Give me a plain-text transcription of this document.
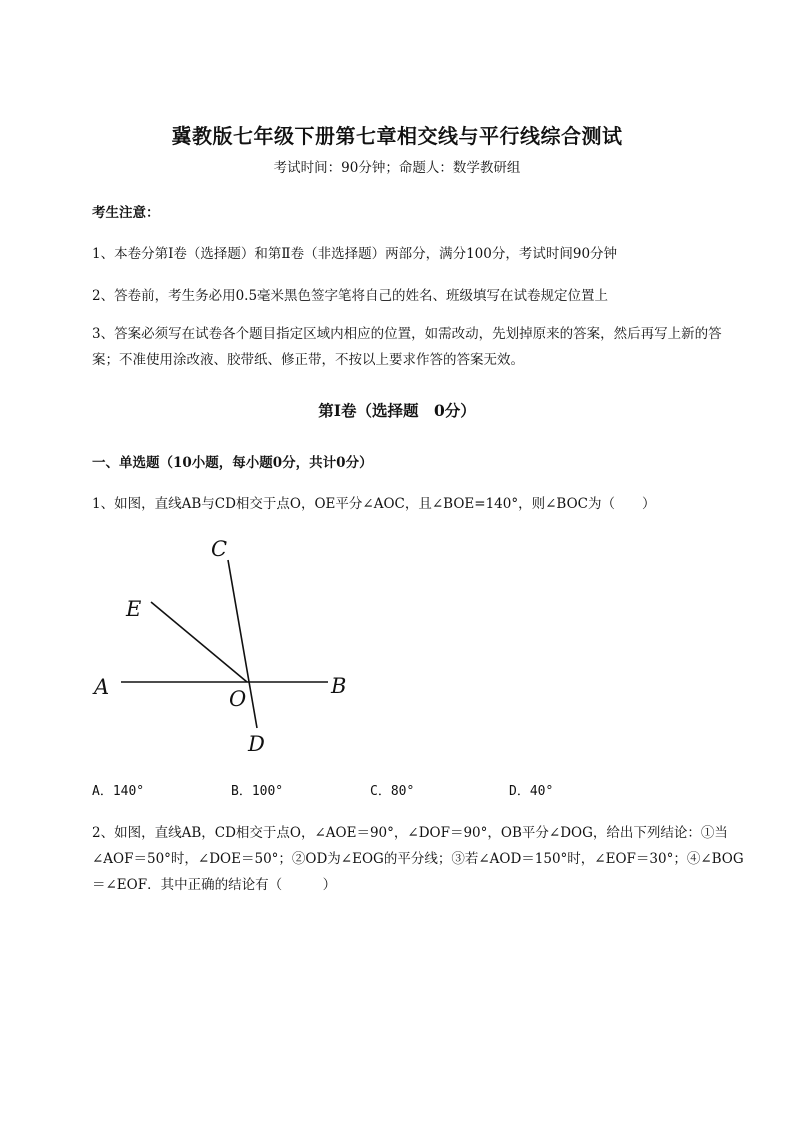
冀教版七年级下册第七章相交线与平行线综合测试
考试时间：90分钟；命题人：数学教研组
考生注意：
1、本卷分第Ⅰ卷（选择题）和第Ⅱ卷（非选择题）两部分，满分100分，考试时间90分钟
2、答卷前，考生务必用0.5毫米黑色签字笔将自己的姓名、班级填写在试卷规定位置上
3、答案必须写在试卷各个题目指定区域内相应的位置，如需改动，先划掉原来的答案，然后再写上新的答案；不准使用涂改液、胶带纸、修正带，不按以上要求作答的答案无效。
第Ⅰ卷（选择题　0分）
一、单选题（10小题，每小题0分，共计0分）
1、如图，直线AB与CD相交于点O，OE平分∠AOC，且∠BOE=140°，则∠BOC为（　　）
C
E
A	B
O
D
A．140°	B．100°	C．80°	D．40°
2、如图，直线AB，CD相交于点O，∠AOE＝90°，∠DOF＝90°，OB平分∠DOG，给出下列结论：①当∠AOF＝50°时，∠DOE＝50°；②OD为∠EOG的平分线；③若∠AOD＝150°时，∠EOF＝30°；④∠BOG＝∠EOF．其中正确的结论有（　　　）
